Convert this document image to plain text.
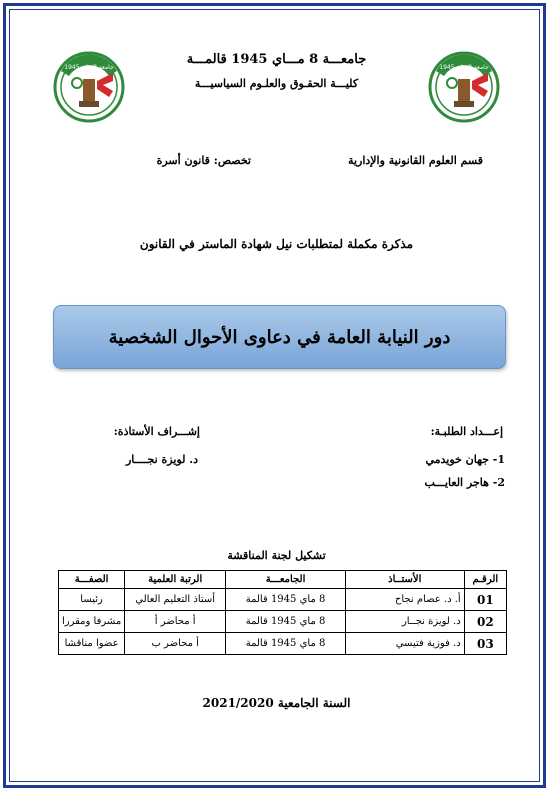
جامعة 8 ماي 1945	جامعة 8 ماي 1945
جامعـــة 8 مـــاي 1945 قالمـــة
كليـــة الحقـوق والعلـوم السياسيـــة
قسم العلوم القانونية والإدارية
تخصص: قانون أسرة
مذكرة مكملة لمتطلبات نيل شهادة الماستر في القانون
دور النيابة العامة في دعاوى الأحوال الشخصية
إعـــداد الطلبـة:
1- جهان خويدمي
2- هاجر العايـــب
إشـــراف الأستاذة:
د. لويزة نجــــار
تشكيل لجنة المناقشة
الرقـم	الأستــاذ	الجامعـــة	الرتبة العلمية	الصفـــة
01	أ. د. عصام نجاح	8 ماي 1945 قالمة	أستاذ التعليم العالي	رئيسا
02	د. لويزة نجــار	8 ماي 1945 قالمة	أ محاضر أ	مشرفا ومقررا
03	د. فوزية فتيسي	8 ماي 1945 قالمة	أ محاضر ب	عضوا مناقشا
السنة الجامعية 2021/2020
